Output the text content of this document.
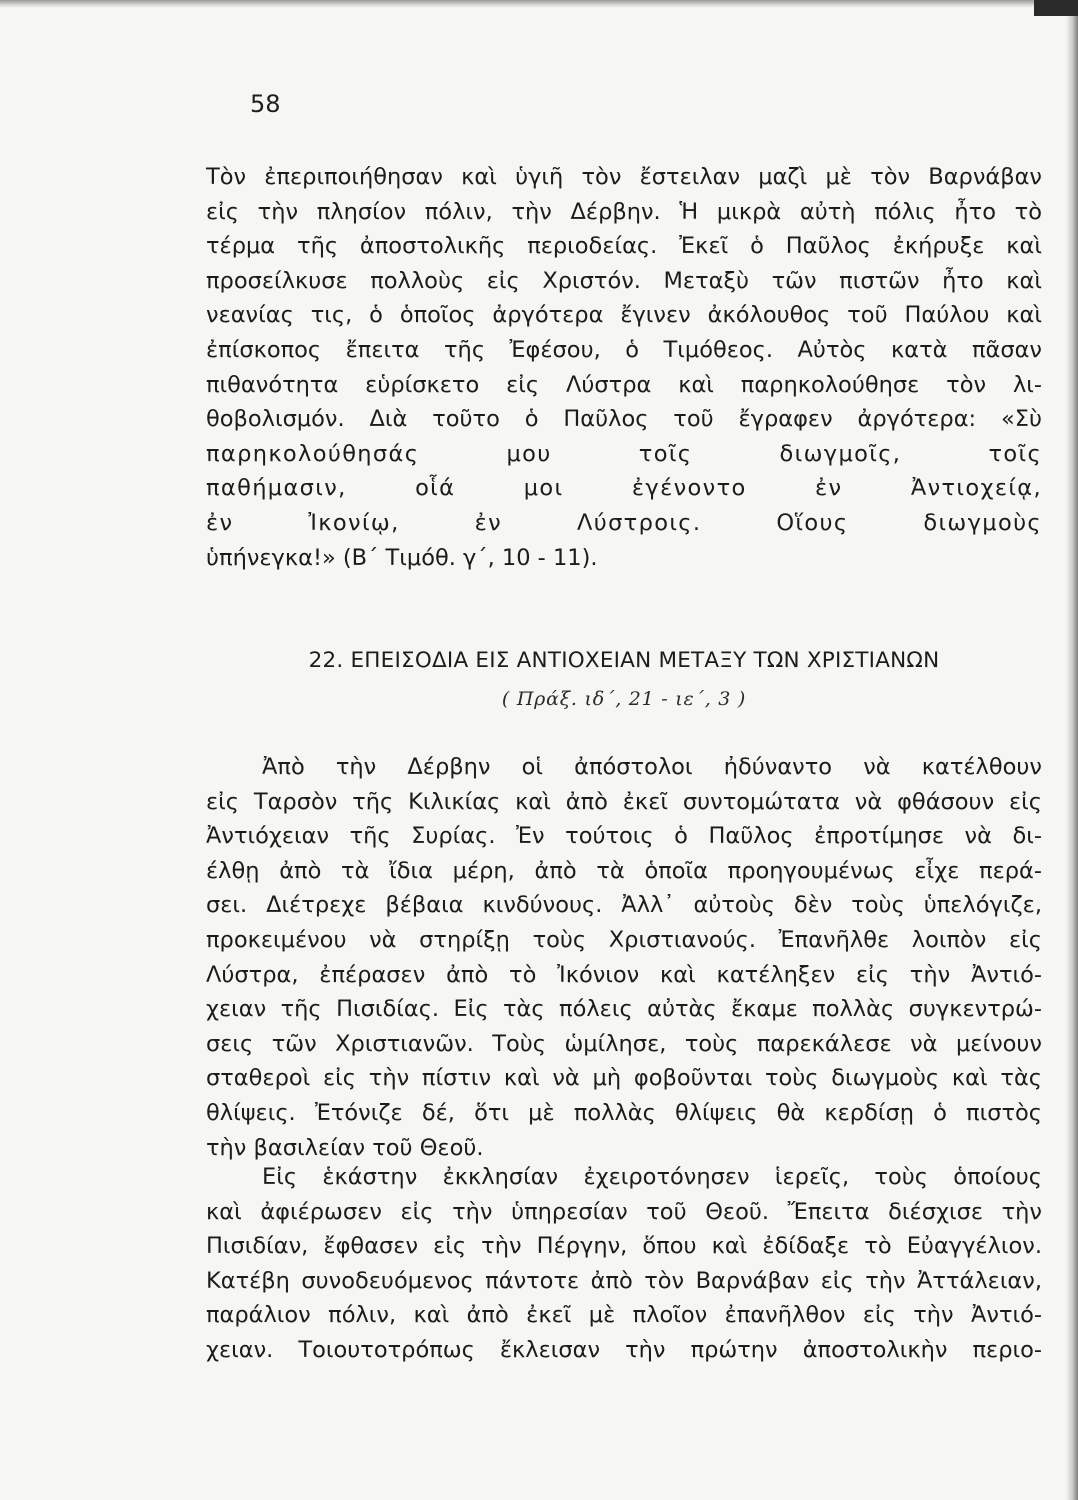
58

Τὸν ἐπεριποιήθησαν καὶ ὑγιῆ τὸν ἔστειλαν μαζὶ μὲ τὸν Βαρνάβαν
εἰς τὴν πλησίον πόλιν, τὴν Δέρβην. Ἡ μικρὰ αὐτὴ πόλις ἦτο τὸ
τέρμα τῆς ἀποστολικῆς περιοδείας. Ἐκεῖ ὁ Παῦλος ἐκήρυξε καὶ
προσείλκυσε πολλοὺς εἰς Χριστόν. Μεταξὺ τῶν πιστῶν ἦτο καὶ
νεανίας τις, ὁ ὁποῖος ἀργότερα ἔγινεν ἀκόλουθος τοῦ Παύλου καὶ
ἐπίσκοπος ἔπειτα τῆς Ἐφέσου, ὁ Τιμόθεος. Αὐτὸς κατὰ πᾶσαν
πιθανότητα εὑρίσκετο εἰς Λύστρα καὶ παρηκολούθησε τὸν λι-
θοβολισμόν. Διὰ τοῦτο ὁ Παῦλος τοῦ ἔγραφεν ἀργότερα: «Σὺ
παρηκολούθησάς μου τοῖς διωγμοῖς, τοῖς
παθήμασιν, οἷά μοι ἐγένοντο ἐν Ἀντιοχείᾳ,
ἐν Ἰκονίῳ, ἐν Λύστροις. Οἵους διωγμοὺς
ὑπήνεγκα!» (Β΄ Τιμόθ. γ΄, 10 - 11).

22. ΕΠΕΙΣΟΔΙΑ ΕΙΣ ΑΝΤΙΟΧΕΙΑΝ ΜΕΤΑΞΥ ΤΩΝ ΧΡΙΣΤΙΑΝΩΝ
( Πράξ. ιδ΄, 21 - ιε΄, 3 )

Ἀπὸ τὴν Δέρβην οἱ ἀπόστολοι ἠδύναντο νὰ κατέλθουν
εἰς Ταρσὸν τῆς Κιλικίας καὶ ἀπὸ ἐκεῖ συντομώτατα νὰ φθάσουν εἰς
Ἀντιόχειαν τῆς Συρίας. Ἐν τούτοις ὁ Παῦλος ἐπροτίμησε νὰ δι-
έλθῃ ἀπὸ τὰ ἴδια μέρη, ἀπὸ τὰ ὁποῖα προηγουμένως εἶχε περά-
σει. Διέτρεχε βέβαια κινδύνους. Ἀλλ᾿ αὐτοὺς δὲν τοὺς ὑπελόγιζε,
προκειμένου νὰ στηρίξῃ τοὺς Χριστιανούς. Ἐπανῆλθε λοιπὸν εἰς
Λύστρα, ἐπέρασεν ἀπὸ τὸ Ἰκόνιον καὶ κατέληξεν εἰς τὴν Ἀντιό-
χειαν τῆς Πισιδίας. Εἰς τὰς πόλεις αὐτὰς ἔκαμε πολλὰς συγκεντρώ-
σεις τῶν Χριστιανῶν. Τοὺς ὡμίλησε, τοὺς παρεκάλεσε νὰ μείνουν
σταθεροὶ εἰς τὴν πίστιν καὶ νὰ μὴ φοβοῦνται τοὺς διωγμοὺς καὶ τὰς
θλίψεις. Ἐτόνιζε δέ, ὅτι μὲ πολλὰς θλίψεις θὰ κερδίσῃ ὁ πιστὸς
τὴν βασιλείαν τοῦ Θεοῦ.

Εἰς ἑκάστην ἐκκλησίαν ἐχειροτόνησεν ἱερεῖς, τοὺς ὁποίους
καὶ ἀφιέρωσεν εἰς τὴν ὑπηρεσίαν τοῦ Θεοῦ. Ἔπειτα διέσχισε τὴν
Πισιδίαν, ἔφθασεν εἰς τὴν Πέργην, ὅπου καὶ ἐδίδαξε τὸ Εὐαγγέλιον.
Κατέβη συνοδευόμενος πάντοτε ἀπὸ τὸν Βαρνάβαν εἰς τὴν Ἀττάλειαν,
παράλιον πόλιν, καὶ ἀπὸ ἐκεῖ μὲ πλοῖον ἐπανῆλθον εἰς τὴν Ἀντιό-
χειαν. Τοιουτοτρόπως ἔκλεισαν τὴν πρώτην ἀποστολικὴν περιο-
